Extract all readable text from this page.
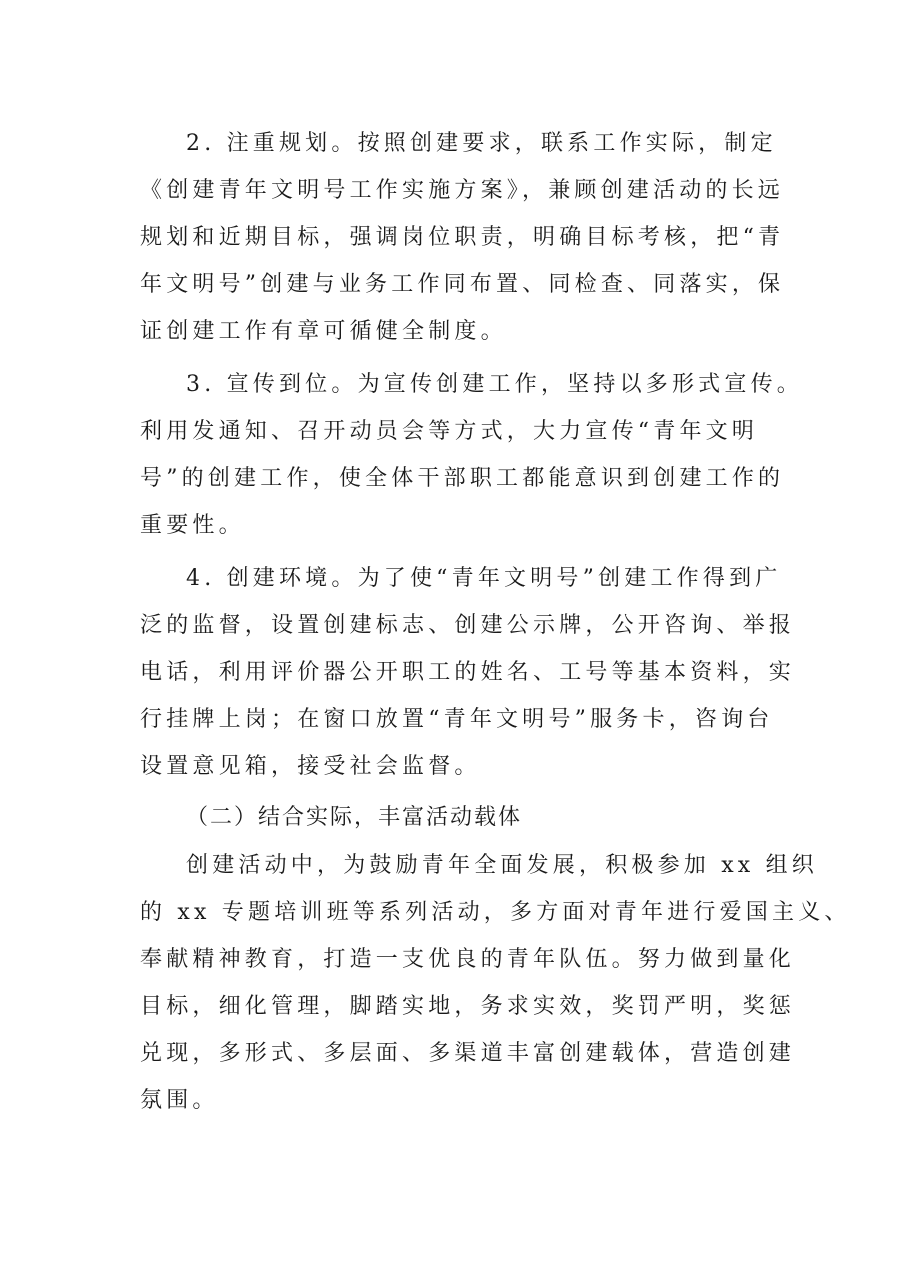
2. 注重规划。按照创建要求，联系工作实际，制定
《创建青年文明号工作实施方案》，兼顾创建活动的长远
规划和近期目标，强调岗位职责，明确目标考核，把“青
年文明号”创建与业务工作同布置、同检查、同落实，保
证创建工作有章可循健全制度。
3. 宣传到位。为宣传创建工作，坚持以多形式宣传。
利用发通知、召开动员会等方式，大力宣传“青年文明
号”的创建工作，使全体干部职工都能意识到创建工作的
重要性。
4. 创建环境。为了使“青年文明号”创建工作得到广
泛的监督，设置创建标志、创建公示牌，公开咨询、举报
电话，利用评价器公开职工的姓名、工号等基本资料，实
行挂牌上岗；在窗口放置“青年文明号”服务卡，咨询台
设置意见箱，接受社会监督。
（二）结合实际，丰富活动载体
创建活动中，为鼓励青年全面发展，积极参加 xx 组织
的 xx 专题培训班等系列活动，多方面对青年进行爱国主义、
奉献精神教育，打造一支优良的青年队伍。努力做到量化
目标，细化管理，脚踏实地，务求实效，奖罚严明，奖惩
兑现，多形式、多层面、多渠道丰富创建载体，营造创建
氛围。
